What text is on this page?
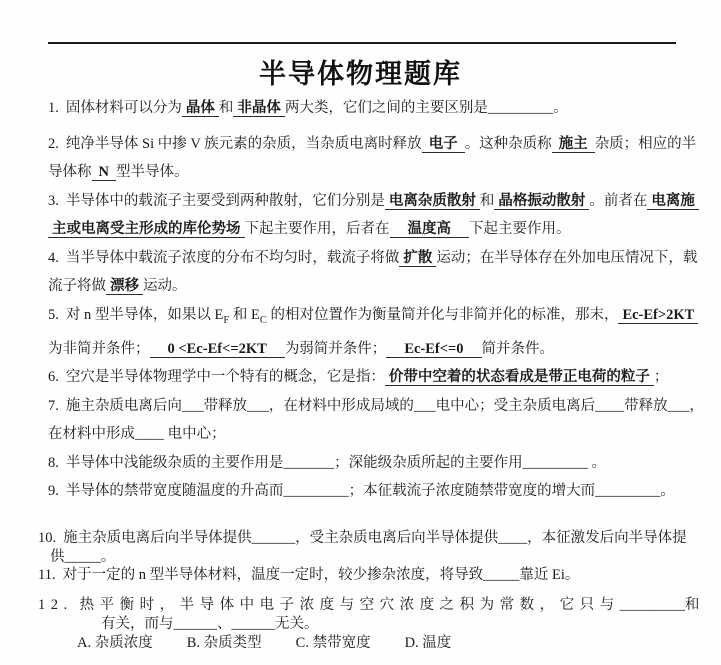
半导体物理题库
1. 固体材料可以分为 晶体 和 非晶体 两大类，它们之间的主要区别是_________。
2. 纯净半导体 Si 中掺 V 族元素的杂质，当杂质电离时释放 电子 。这种杂质称 施主 杂质；相应的半
导体称 N 型半导体。
3. 半导体中的载流子主要受到两种散射，它们分别是 电离杂质散射 和 晶格振动散射 。前者在 电离施
主或电离受主形成的库伦势场 下起主要作用，后者在 温度高 下起主要作用。
4. 当半导体中载流子浓度的分布不均匀时，载流子将做 扩散 运动；在半导体存在外加电压情况下，载
流子将做 漂移 运动。
5. 对 n 型半导体，如果以 $E_F$ 和 $E_C$ 的相对位置作为衡量简并化与非简并化的标准，那末， Ec-Ef>2KT
为非简并条件； 0 <Ec-Ef<=2KT 为弱简并条件； Ec-Ef<=0 简并条件。
6. 空穴是半导体物理学中一个特有的概念，它是指： 价带中空着的状态看成是带正电荷的粒子 ；
7. 施主杂质电离后向___带释放___，在材料中形成局域的___电中心；受主杂质电离后____带释放___，
在材料中形成____ 电中心；
8. 半导体中浅能级杂质的主要作用是_______；深能级杂质所起的主要作用_________ 。
9. 半导体的禁带宽度随温度的升高而_________；本征载流子浓度随禁带宽度的增大而_________。
10. 施主杂质电离后向半导体提供______，受主杂质电离后向半导体提供____，本征激发后向半导体提
供_____。
11. 对于一定的 n 型半导体材料，温度一定时，较少掺杂浓度，将导致_____靠近 Ei。
12. 热平衡时，半导体中电子浓度与空穴浓度之积为常数，它只与_________和
有关，而与______、______无关。
A. 杂质浓度 B. 杂质类型 C. 禁带宽度 D. 温度
